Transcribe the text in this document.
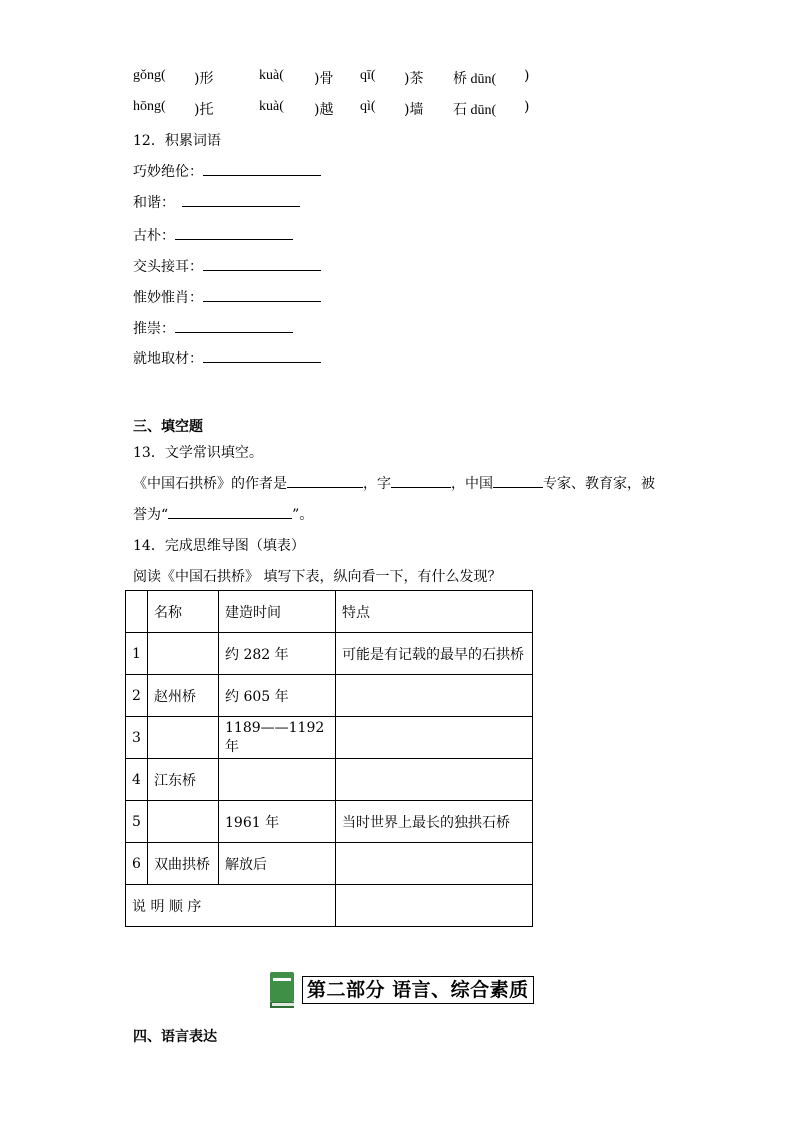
gǒng( )形	kuà( )骨 qī( )茶 桥 dūn( )
hōng( )托	kuà( )越 qì( )墙 石 dūn( )
12．积累词语
巧妙绝伦：
和谐：
古朴：
交头接耳：
惟妙惟肖：
推崇：
就地取材：
三、填空题
13．文学常识填空。
《中国石拱桥》的作者是	，字	，中国	专家、教育家，被
誉为“	”。
14．完成思维导图（填表）
阅读《中国石拱桥》 填写下表，纵向看一下，有什么发现？
	名称	建造时间	特点
1		约 282 年	可能是有记载的最早的石拱桥
2	赵州桥	约 605 年	
3		1189——1192 年	
4	江东桥		
5		1961 年	当时世界上最长的独拱石桥
6	双曲拱桥	解放后	
说 明 顺 序			
第二部分 语言、综合素质
四、语言表达
